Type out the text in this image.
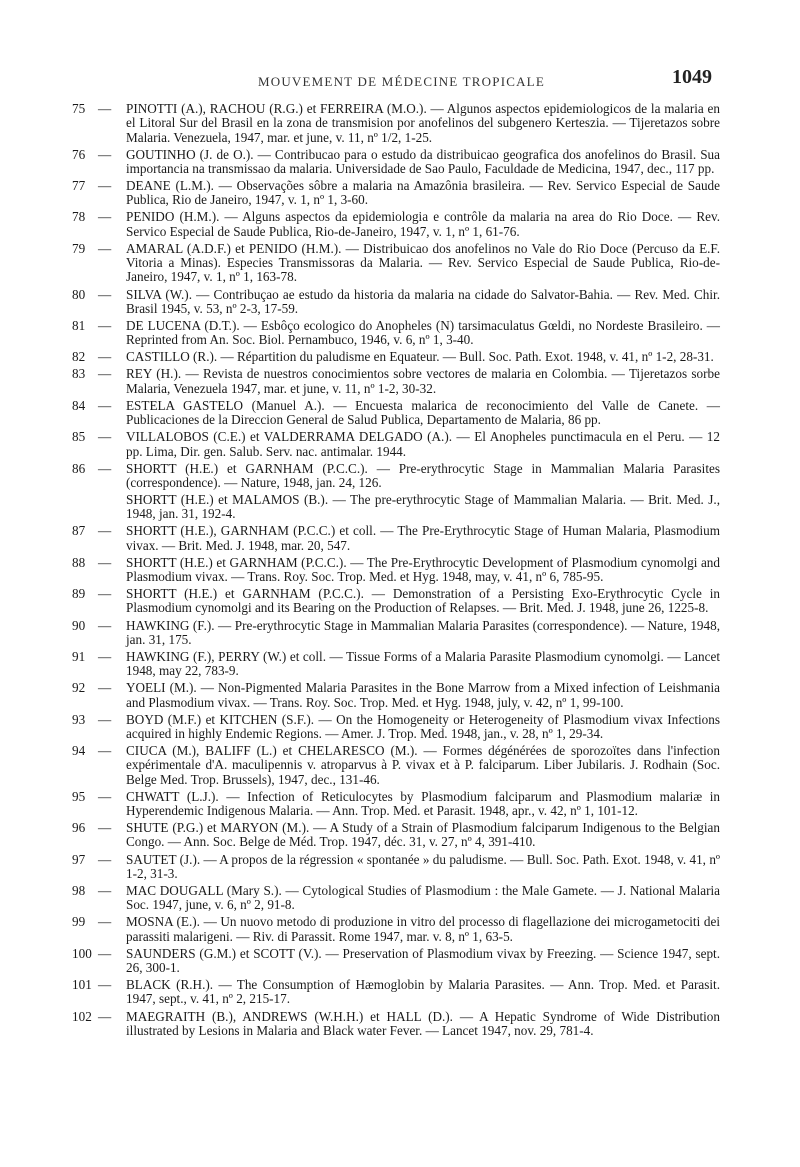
MOUVEMENT DE MÉDECINE TROPICALE	1049
75 — PINOTTI (A.), RACHOU (R.G.) et FERREIRA (M.O.). — Algunos aspectos epidemiologicos de la malaria en el Litoral Sur del Brasil en la zona de transmision por anofelinos del subgenero Kerteszia. — Tijeretazos sobre Malaria. Venezuela, 1947, mar. et june, v. 11, nº 1/2, 1-25.
76 — GOUTINHO (J. de O.). — Contribucao para o estudo da distribuicao geografica dos anofelinos do Brasil. Sua importancia na transmissao da malaria. Universidade de Sao Paulo, Faculdade de Medicina, 1947, dec., 117 pp.
77 — DEANE (L.M.). — Observações sôbre a malaria na Amazônia brasileira. — Rev. Servico Especial de Saude Publica, Rio de Janeiro, 1947, v. 1, nº 1, 3-60.
78 — PENIDO (H.M.). — Alguns aspectos da epidemiologia e contrôle da malaria na area do Rio Doce. — Rev. Servico Especial de Saude Publica, Rio-de-Janeiro, 1947, v. 1, nº 1, 61-76.
79 — AMARAL (A.D.F.) et PENIDO (H.M.). — Distribuicao dos anofelinos no Vale do Rio Doce (Percuso da E.F. Vitoria a Minas). Especies Transmissoras da Malaria. — Rev. Servico Especial de Saude Publica, Rio-de-Janeiro, 1947, v. 1, nº 1, 163-78.
80 — SILVA (W.). — Contribuçao ae estudo da historia da malaria na cidade do Salvator-Bahia. — Rev. Med. Chir. Brasil 1945, v. 53, nº 2-3, 17-59.
81 — DE LUCENA (D.T.). — Esbôço ecologico do Anopheles (N) tarsimaculatus Gœldi, no Nordeste Brasileiro. — Reprinted from An. Soc. Biol. Pernambuco, 1946, v. 6, nº 1, 3-40.
82 — CASTILLO (R.). — Répartition du paludisme en Equateur. — Bull. Soc. Path. Exot. 1948, v. 41, nº 1-2, 28-31.
83 — REY (H.). — Revista de nuestros conocimientos sobre vectores de malaria en Colombia. — Tijeretazos sorbe Malaria, Venezuela 1947, mar. et june, v. 11, nº 1-2, 30-32.
84 — ESTELA GASTELO (Manuel A.). — Encuesta malarica de reconocimiento del Valle de Canete. — Publicaciones de la Direccion General de Salud Publica, Departamento de Malaria, 86 pp.
85 — VILLALOBOS (C.E.) et VALDERRAMA DELGADO (A.). — El Anopheles punctimacula en el Peru. — 12 pp. Lima, Dir. gen. Salub. Serv. nac. antimalar. 1944.
86 — SHORTT (H.E.) et GARNHAM (P.C.C.). — Pre-erythrocytic Stage in Mammalian Malaria Parasites (correspondence). — Nature, 1948, jan. 24, 126.
SHORTT (H.E.) et MALAMOS (B.). — The pre-erythrocytic Stage of Mammalian Malaria. — Brit. Med. J., 1948, jan. 31, 192-4.
87 — SHORTT (H.E.), GARNHAM (P.C.C.) et coll. — The Pre-Erythrocytic Stage of Human Malaria, Plasmodium vivax. — Brit. Med. J. 1948, mar. 20, 547.
88 — SHORTT (H.E.) et GARNHAM (P.C.C.). — The Pre-Erythrocytic Development of Plasmodium cynomolgi and Plasmodium vivax. — Trans. Roy. Soc. Trop. Med. et Hyg. 1948, may, v. 41, nº 6, 785-95.
89 — SHORTT (H.E.) et GARNHAM (P.C.C.). — Demonstration of a Persisting Exo-Erythrocytic Cycle in Plasmodium cynomolgi and its Bearing on the Production of Relapses. — Brit. Med. J. 1948, june 26, 1225-8.
90 — HAWKING (F.). — Pre-erythrocytic Stage in Mammalian Malaria Parasites (correspondence). — Nature, 1948, jan. 31, 175.
91 — HAWKING (F.), PERRY (W.) et coll. — Tissue Forms of a Malaria Parasite Plasmodium cynomolgi. — Lancet 1948, may 22, 783-9.
92 — YOELI (M.). — Non-Pigmented Malaria Parasites in the Bone Marrow from a Mixed infection of Leishmania and Plasmodium vivax. — Trans. Roy. Soc. Trop. Med. et Hyg. 1948, july, v. 42, nº 1, 99-100.
93 — BOYD (M.F.) et KITCHEN (S.F.). — On the Homogeneity or Heterogeneity of Plasmodium vivax Infections acquired in highly Endemic Regions. — Amer. J. Trop. Med. 1948, jan., v. 28, nº 1, 29-34.
94 — CIUCA (M.), BALIFF (L.) et CHELARESCO (M.). — Formes dégénérées de sporozoïtes dans l'infection expérimentale d'A. maculipennis v. atroparvus à P. vivax et à P. falciparum. Liber Jubilaris. J. Rodhain (Soc. Belge Med. Trop. Brussels), 1947, dec., 131-46.
95 — CHWATT (L.J.). — Infection of Reticulocytes by Plasmodium falciparum and Plasmodium malariæ in Hyperendemic Indigenous Malaria. — Ann. Trop. Med. et Parasit. 1948, apr., v. 42, nº 1, 101-12.
96 — SHUTE (P.G.) et MARYON (M.). — A Study of a Strain of Plasmodium falciparum Indigenous to the Belgian Congo. — Ann. Soc. Belge de Méd. Trop. 1947, déc. 31, v. 27, nº 4, 391-410.
97 — SAUTET (J.). — A propos de la régression « spontanée » du paludisme. — Bull. Soc. Path. Exot. 1948, v. 41, nº 1-2, 31-3.
98 — MAC DOUGALL (Mary S.). — Cytological Studies of Plasmodium : the Male Gamete. — J. National Malaria Soc. 1947, june, v. 6, nº 2, 91-8.
99 — MOSNA (E.). — Un nuovo metodo di produzione in vitro del processo di flagellazione dei microgametociti dei parassiti malarigeni. — Riv. di Parassit. Rome 1947, mar. v. 8, nº 1, 63-5.
100 — SAUNDERS (G.M.) et SCOTT (V.). — Preservation of Plasmodium vivax by Freezing. — Science 1947, sept. 26, 300-1.
101 — BLACK (R.H.). — The Consumption of Hæmoglobin by Malaria Parasites. — Ann. Trop. Med. et Parasit. 1947, sept., v. 41, nº 2, 215-17.
102 — MAEGRAITH (B.), ANDREWS (W.H.H.) et HALL (D.). — A Hepatic Syndrome of Wide Distribution illustrated by Lesions in Malaria and Black water Fever. — Lancet 1947, nov. 29, 781-4.
